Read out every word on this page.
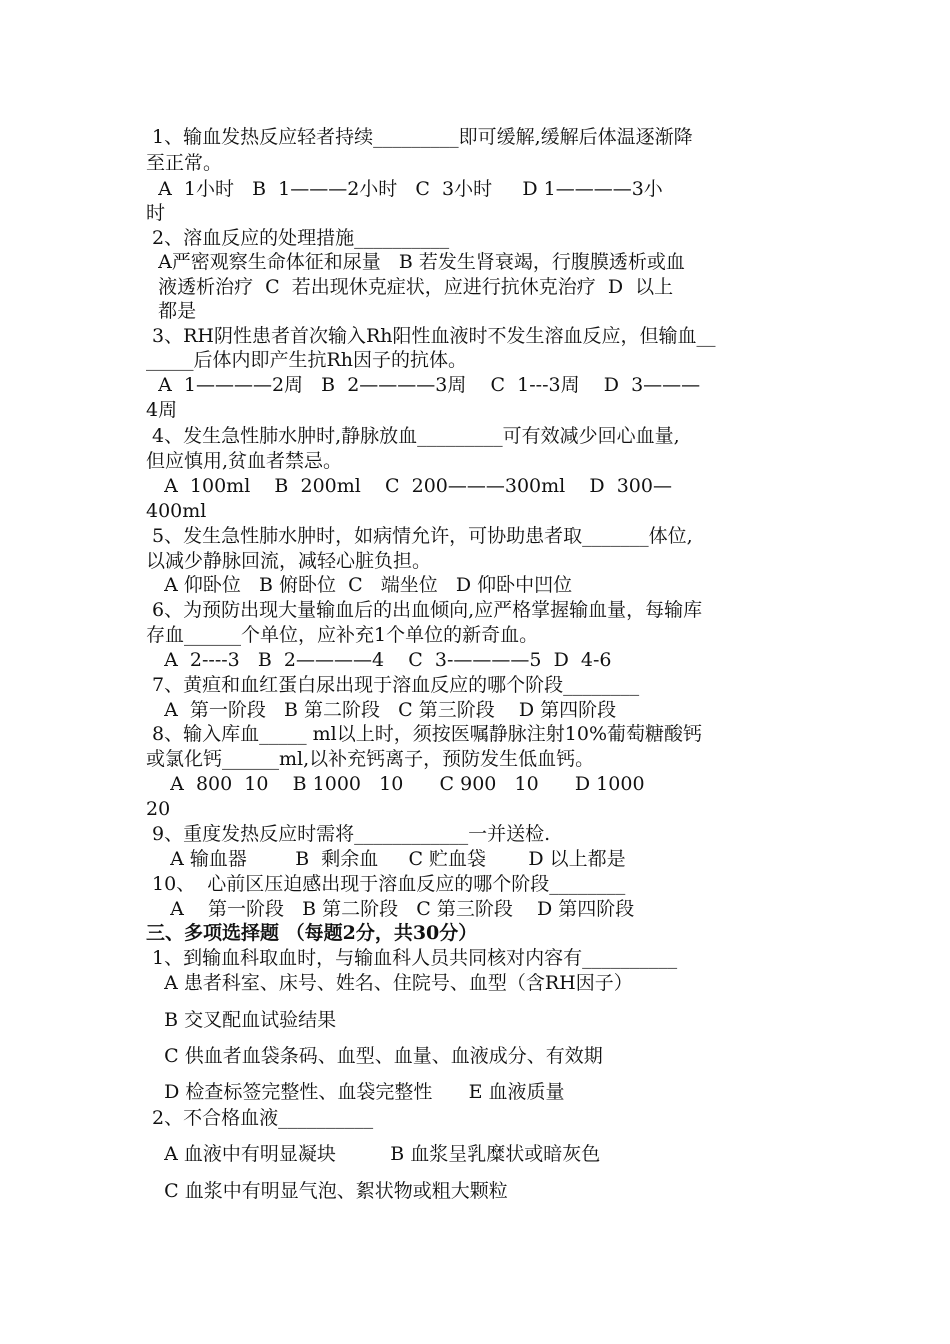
1、输血发热反应轻者持续_________即可缓解,缓解后体温逐渐降
至正常。
A  1小时   B  1———2小时   C  3小时     D 1————3小
时
2、溶血反应的处理措施__________
A严密观察生命体征和尿量   B 若发生肾衰竭，行腹膜透析或血
液透析治疗  C  若出现休克症状，应进行抗休克治疗  D  以上
都是
3、RH阴性患者首次输入Rh阳性血液时不发生溶血反应，但输血__
_____后体内即产生抗Rh因子的抗体。
A  1————2周   B  2————3周    C  1---3周    D  3———
4周
4、发生急性肺水肿时,静脉放血_________可有效减少回心血量,
但应慎用,贫血者禁忌。
A  100ml    B  200ml    C  200———300ml    D  300—
400ml
5、发生急性肺水肿时，如病情允许，可协助患者取_______体位,
以减少静脉回流，减轻心脏负担。
A 仰卧位   B 俯卧位  C   端坐位   D 仰卧中凹位
6、为预防出现大量输血后的出血倾向,应严格掌握输血量，每输库
存血______个单位，应补充1个单位的新奇血。
A  2----3   B  2————4    C  3-————5  D  4-6
7、黄疸和血红蛋白尿出现于溶血反应的哪个阶段________
A  第一阶段   B 第二阶段   C 第三阶段    D 第四阶段
8、输入库血_____ ml以上时，须按医嘱静脉注射10%葡萄糖酸钙
或氯化钙______ml,以补充钙离子，预防发生低血钙。
A  800  10    B 1000   10      C 900   10      D 1000
20
9、重度发热反应时需将____________一并送检.
A 输血器        B  剩余血     C 贮血袋       D 以上都是
10、  心前区压迫感出现于溶血反应的哪个阶段________
A    第一阶段   B 第二阶段   C 第三阶段    D 第四阶段
三、多项选择题 （每题2分，共30分）
1、到输血科取血时，与输血科人员共同核对内容有__________
A 患者科室、床号、姓名、住院号、血型（含RH因子）
B 交叉配血试验结果
C 供血者血袋条码、血型、血量、血液成分、有效期
D 检查标签完整性、血袋完整性      E 血液质量
2、不合格血液__________
A 血液中有明显凝块         B 血浆呈乳糜状或暗灰色
C 血浆中有明显气泡、絮状物或粗大颗粒
